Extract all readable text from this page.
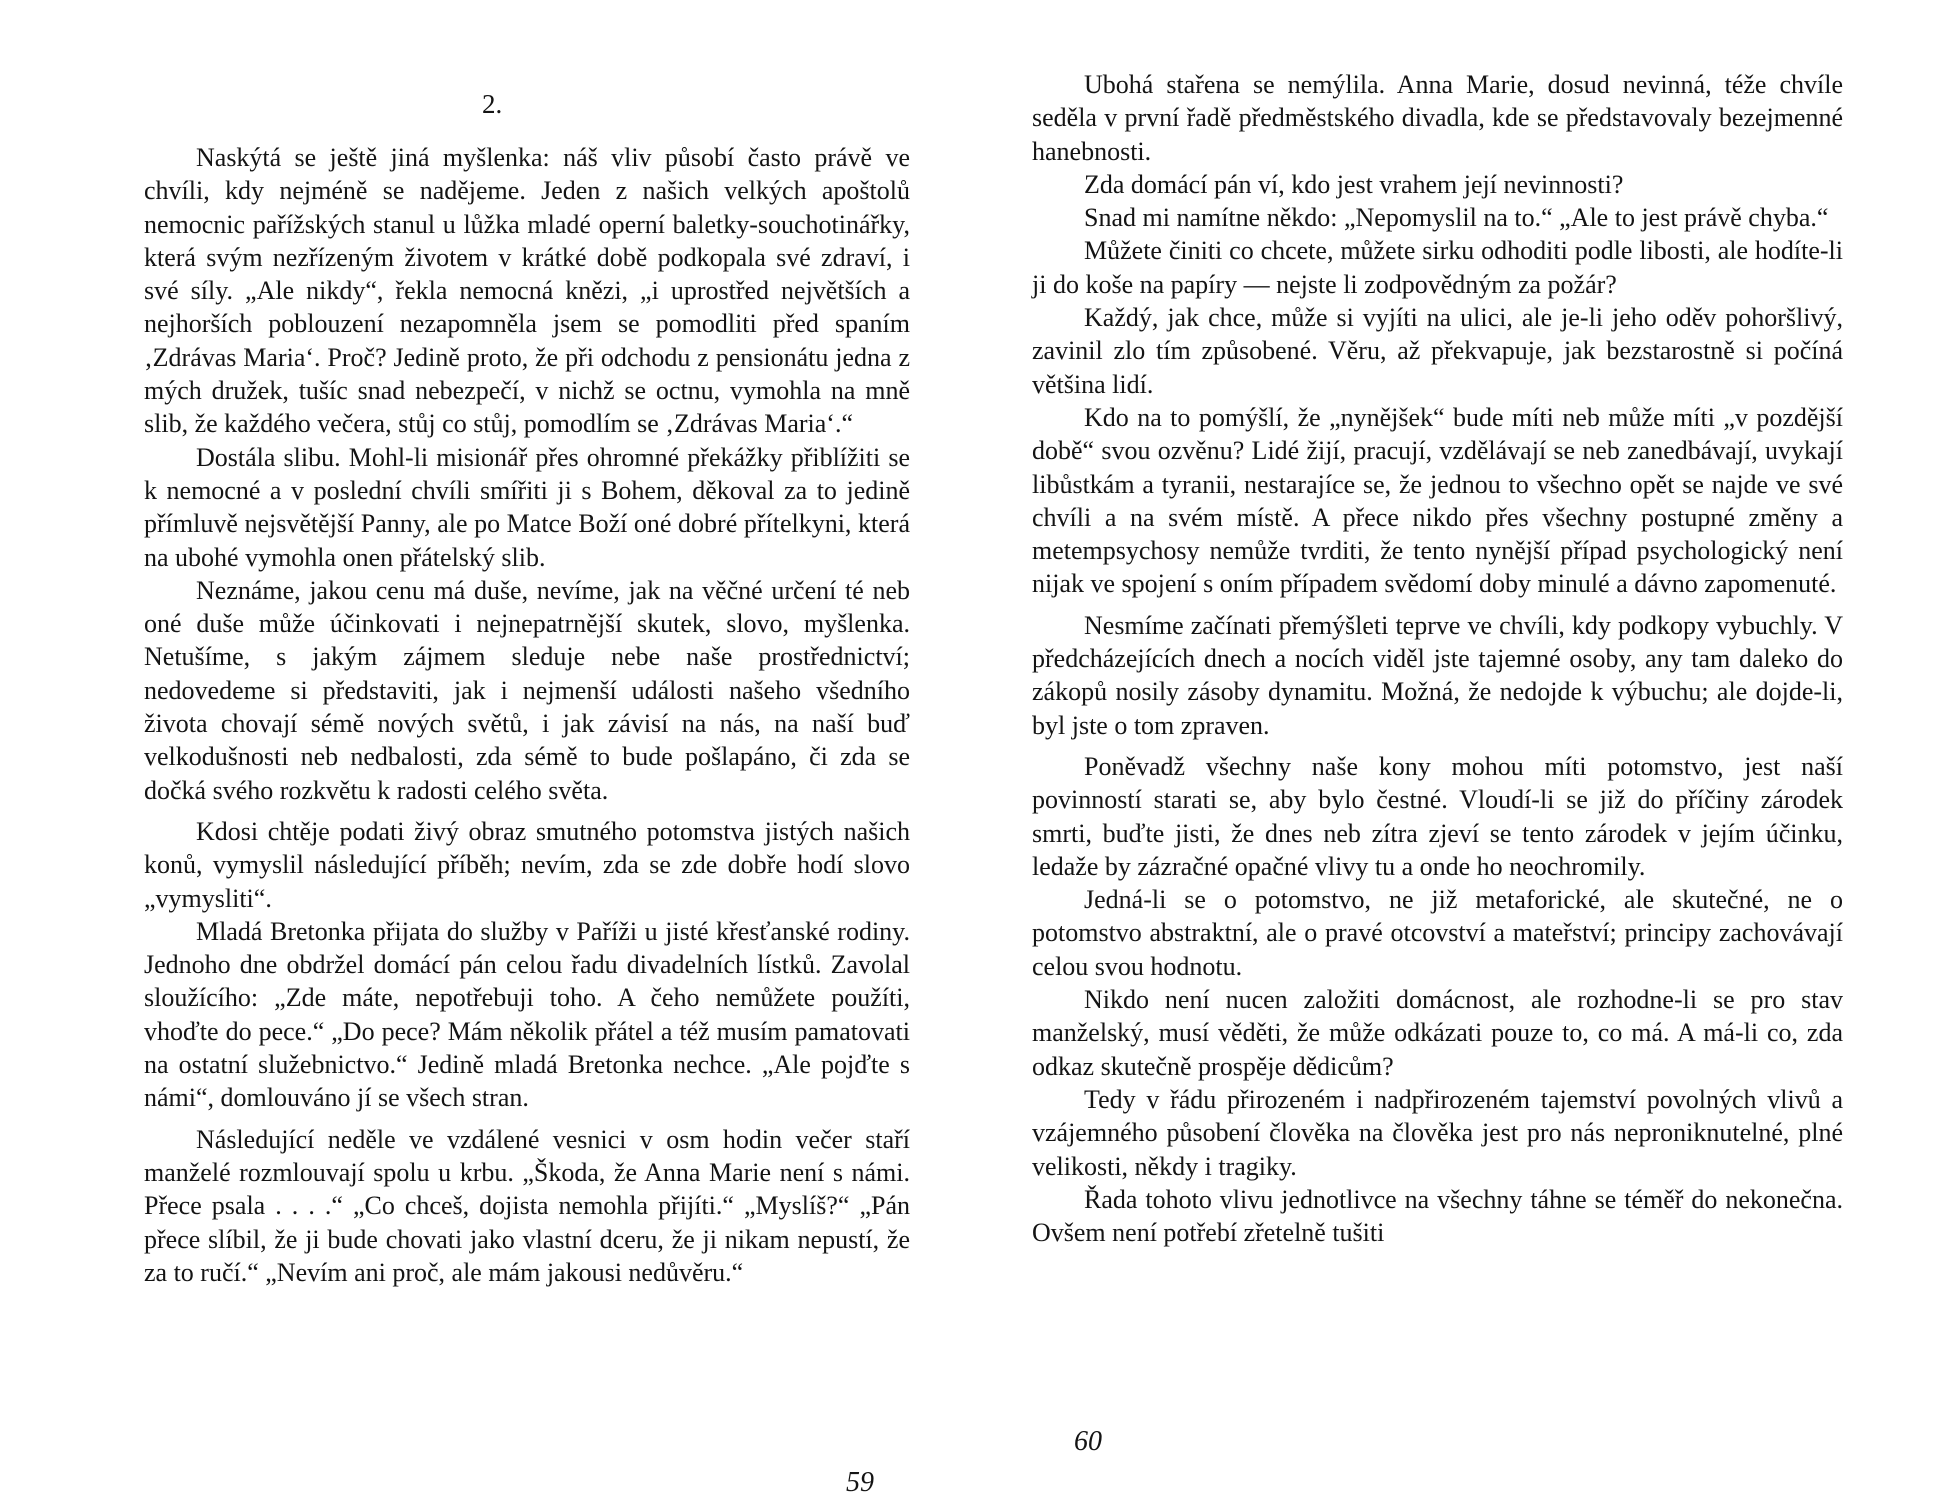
2.

Naskýtá se ještě jiná myšlenka: náš vliv působí často právě ve chvíli, kdy nejméně se nadějeme. Jeden z našich velkých apoštolů nemocnic pařížských stanul u lůžka mladé operní baletky-souchotinářky, která svým nezřízeným životem v krátké době podkopala své zdraví, i své síly. „Ale nikdy“, řekla nemocná knězi, „i uprostřed největších a nejhorších poblouzení nezapomněla jsem se pomodliti před spaním ‚Zdrávas Maria‘. Proč? Jedině proto, že při odchodu z pensionátu jedna z mých družek, tušíc snad nebezpečí, v nichž se octnu, vymohla na mně slib, že každého večera, stůj co stůj, pomodlím se ‚Zdrávas Maria‘.“

Dostála slibu. Mohl-li misionář přes ohromné překážky přiblížiti se k nemocné a v poslední chvíli smířiti ji s Bohem, děkoval za to jedině přímluvě nejsvětější Panny, ale po Matce Boží oné dobré přítelkyni, která na ubohé vymohla onen přátelský slib.

Neznáme, jakou cenu má duše, nevíme, jak na věčné určení té neb oné duše může účinkovati i nejnepatrnější skutek, slovo, myšlenka. Netušíme, s jakým zájmem sleduje nebe naše prostřednictví; nedovedeme si představiti, jak i nejmenší události našeho všedního života chovají sémě nových světů, i jak závisí na nás, na naší buď velkodušnosti neb nedbalosti, zda sémě to bude pošlapáno, či zda se dočká svého rozkvětu k radosti celého světa.

Kdosi chtěje podati živý obraz smutného potomstva jistých našich konů, vymyslil následující příběh; nevím, zda se zde dobře hodí slovo „vymysliti“.

Mladá Bretonka přijata do služby v Paříži u jisté křesťanské rodiny. Jednoho dne obdržel domácí pán celou řadu divadelních lístků. Zavolal sloužícího: „Zde máte, nepotřebuji toho. A čeho nemůžete použíti, vhoďte do pece.“ „Do pece? Mám několik přátel a též musím pamatovati na ostatní služebnictvo.“ Jedině mladá Bretonka nechce. „Ale pojďte s námi“, domlouváno jí se všech stran.

Následující neděle ve vzdálené vesnici v osm hodin večer staří manželé rozmlouvají spolu u krbu. „Škoda, že Anna Marie není s námi. Přece psala . . . .“ „Co chceš, dojista nemohla přijíti.“ „Myslíš?“ „Pán přece slíbil, že ji bude chovati jako vlastní dceru, že ji nikam nepustí, že za to ručí.“ „Nevím ani proč, ale mám jakousi nedůvěru.“

59

Ubohá stařena se nemýlila. Anna Marie, dosud nevinná, téže chvíle seděla v první řadě předměstského divadla, kde se představovaly bezejmenné hanebnosti.

Zda domácí pán ví, kdo jest vrahem její nevinnosti?

Snad mi namítne někdo: „Nepomyslil na to.“ „Ale to jest právě chyba.“

Můžete činiti co chcete, můžete sirku odhoditi podle libosti, ale hodíte-li ji do koše na papíry — nejste li zodpovědným za požár?

Každý, jak chce, může si vyjíti na ulici, ale je-li jeho oděv pohoršlivý, zavinil zlo tím způsobené. Věru, až překvapuje, jak bezstarostně si počíná většina lidí.

Kdo na to pomýšlí, že „nynějšek“ bude míti neb může míti „v pozdější době“ svou ozvěnu? Lidé žijí, pracují, vzdělávají se neb zanedbávají, uvykají libůstkám a tyranii, nestarajíce se, že jednou to všechno opět se najde ve své chvíli a na svém místě. A přece nikdo přes všechny postupné změny a metempsychosy nemůže tvrditi, že tento nynější případ psychologický není nijak ve spojení s oním případem svědomí doby minulé a dávno zapomenuté.

Nesmíme začínati přemýšleti teprve ve chvíli, kdy podkopy vybuchly. V předcházejících dnech a nocích viděl jste tajemné osoby, any tam daleko do zákopů nosily zásoby dynamitu. Možná, že nedojde k výbuchu; ale dojde-li, byl jste o tom zpraven.

Poněvadž všechny naše kony mohou míti potomstvo, jest naší povinností starati se, aby bylo čestné. Vloudí-li se již do příčiny zárodek smrti, buďte jisti, že dnes neb zítra zjeví se tento zárodek v jejím účinku, ledaže by zázračné opačné vlivy tu a onde ho neochromily.

Jedná-li se o potomstvo, ne již metaforické, ale skutečné, ne o potomstvo abstraktní, ale o pravé otcovství a mateřství; principy zachovávají celou svou hodnotu.

Nikdo není nucen založiti domácnost, ale rozhodne-li se pro stav manželský, musí věděti, že může odkázati pouze to, co má. A má-li co, zda odkaz skutečně prospěje dědicům?

Tedy v řádu přirozeném i nadpřirozeném tajemství povolných vlivů a vzájemného působení člověka na člověka jest pro nás neproniknutelné, plné velikosti, někdy i tragiky.

Řada tohoto vlivu jednotlivce na všechny táhne se téměř do nekonečna. Ovšem není potřebí zřetelně tušiti

60
